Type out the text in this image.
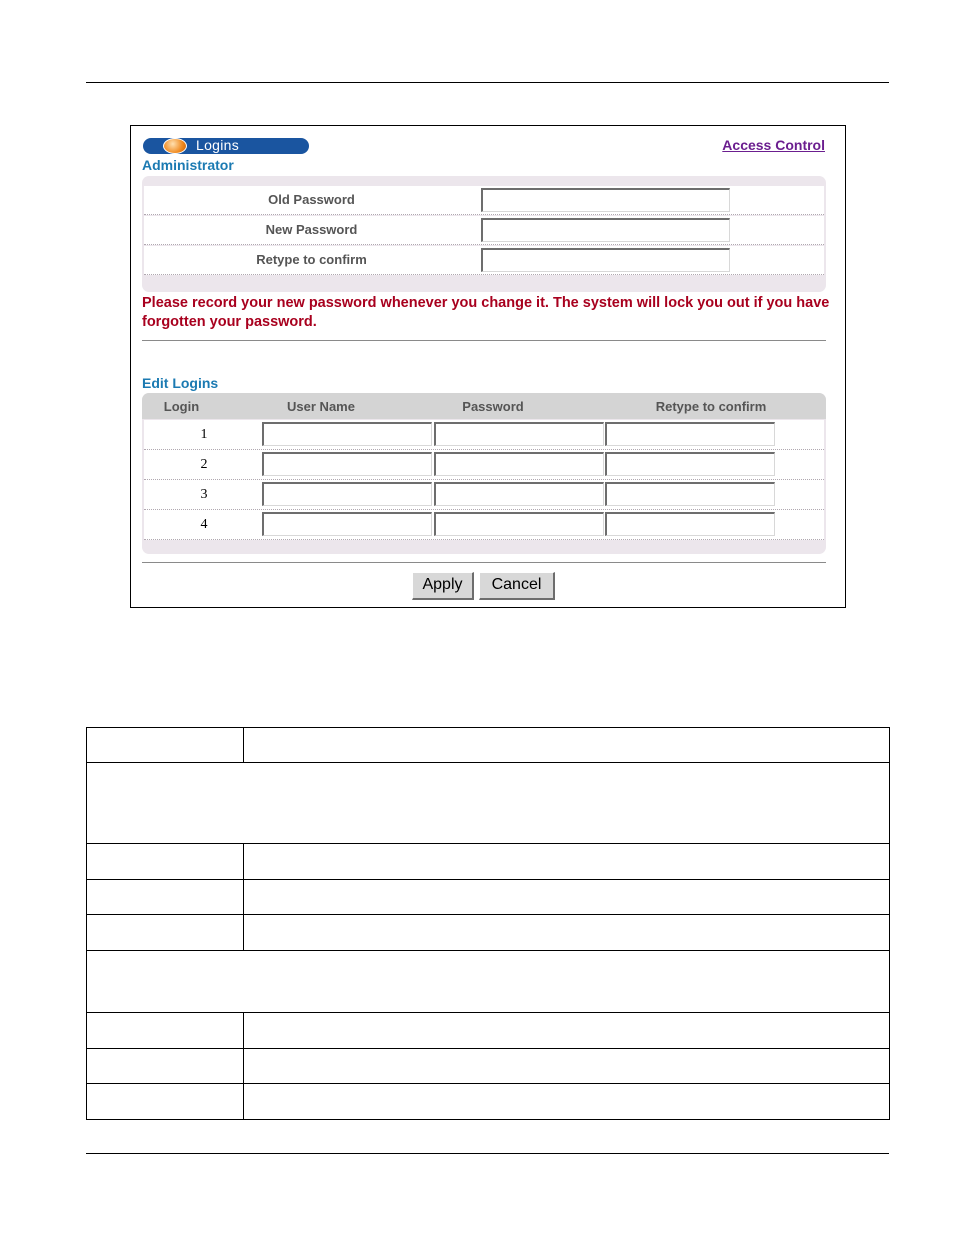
Logins	Access Control
Administrator
Old Password
New Password
Retype to confirm
Please record your new password whenever you change it. The system will lock you out if you have forgotten your password.
Edit Logins
Login	User Name	Password	Retype to confirm
1
2
3
4
Apply	Cancel
